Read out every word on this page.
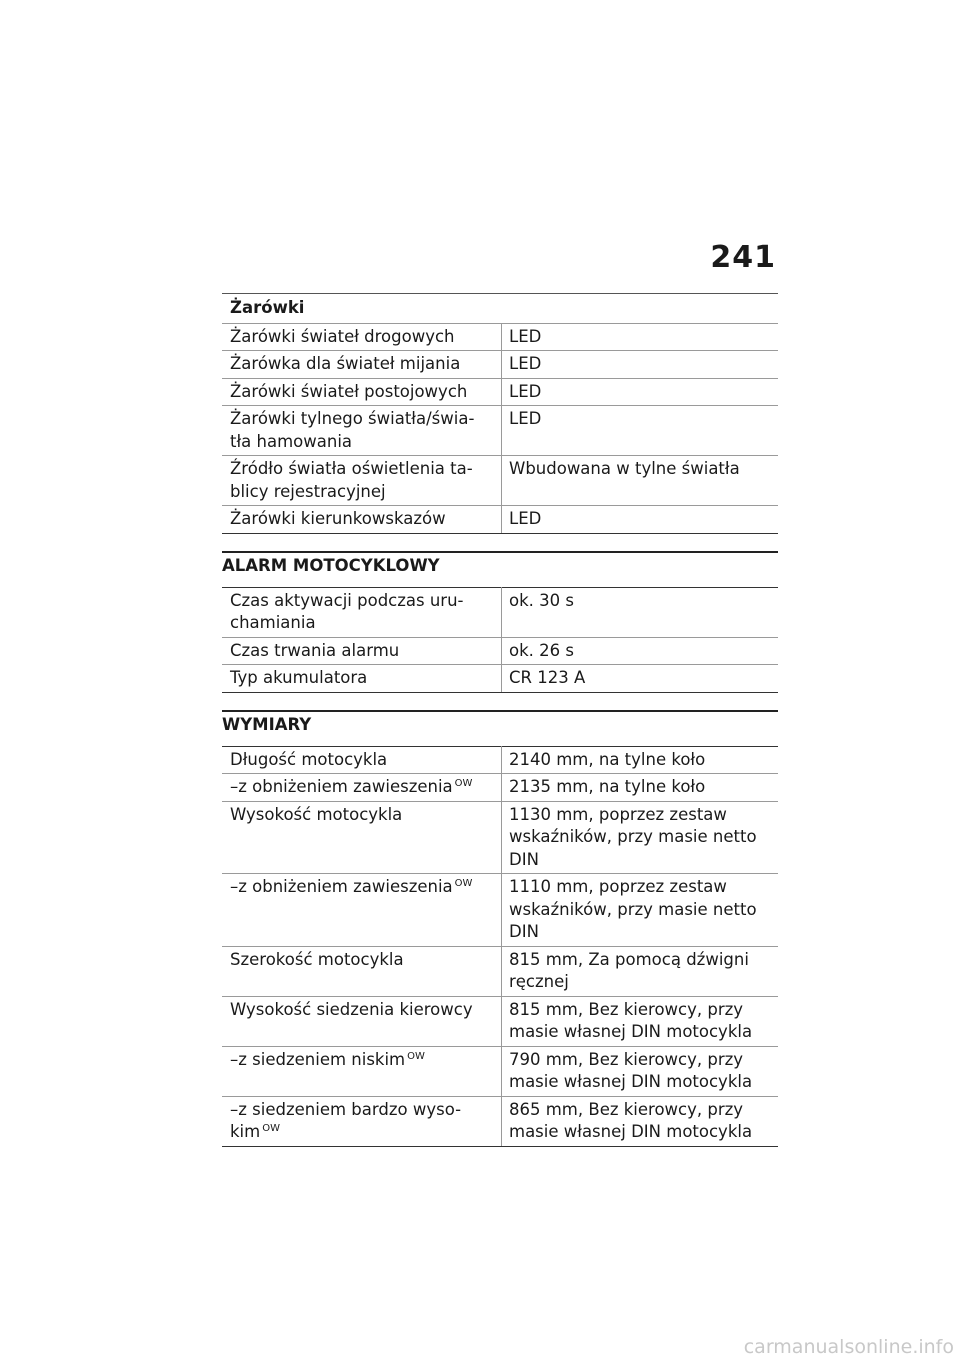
241
Żarówki	
Żarówki świateł drogowych	LED
Żarówka dla świateł mijania	LED
Żarówki świateł postojowych	LED
Żarówki tylnego światła/świa-tła hamowania	LED
Źródło światła oświetlenia ta-blicy rejestracyjnej	Wbudowana w tylne światła
Żarówki kierunkowskazów	LED
ALARM MOTOCYKLOWY
Czas aktywacji podczas uru-chamiania	ok. 30 s
Czas trwania alarmu	ok. 26 s
Typ akumulatora	CR 123 A
WYMIARY
Długość motocykla	2140 mm, na tylne koło
–z obniżeniem zawieszenia $^{OW}$	2135 mm, na tylne koło
Wysokość motocykla	1130 mm, poprzez zestaw wskaźników, przy masie netto DIN
–z obniżeniem zawieszenia $^{OW}$	1110 mm, poprzez zestaw wskaźników, przy masie netto DIN
Szerokość motocykla	815 mm, Za pomocą dźwigni ręcznej
Wysokość siedzenia kierowcy	815 mm, Bez kierowcy, przy masie własnej DIN motocykla
–z siedzeniem niskim $^{OW}$	790 mm, Bez kierowcy, przy masie własnej DIN motocykla
–z siedzeniem bardzo wyso-kim $^{OW}$	865 mm, Bez kierowcy, przy masie własnej DIN motocykla
carmanualsonline.info
